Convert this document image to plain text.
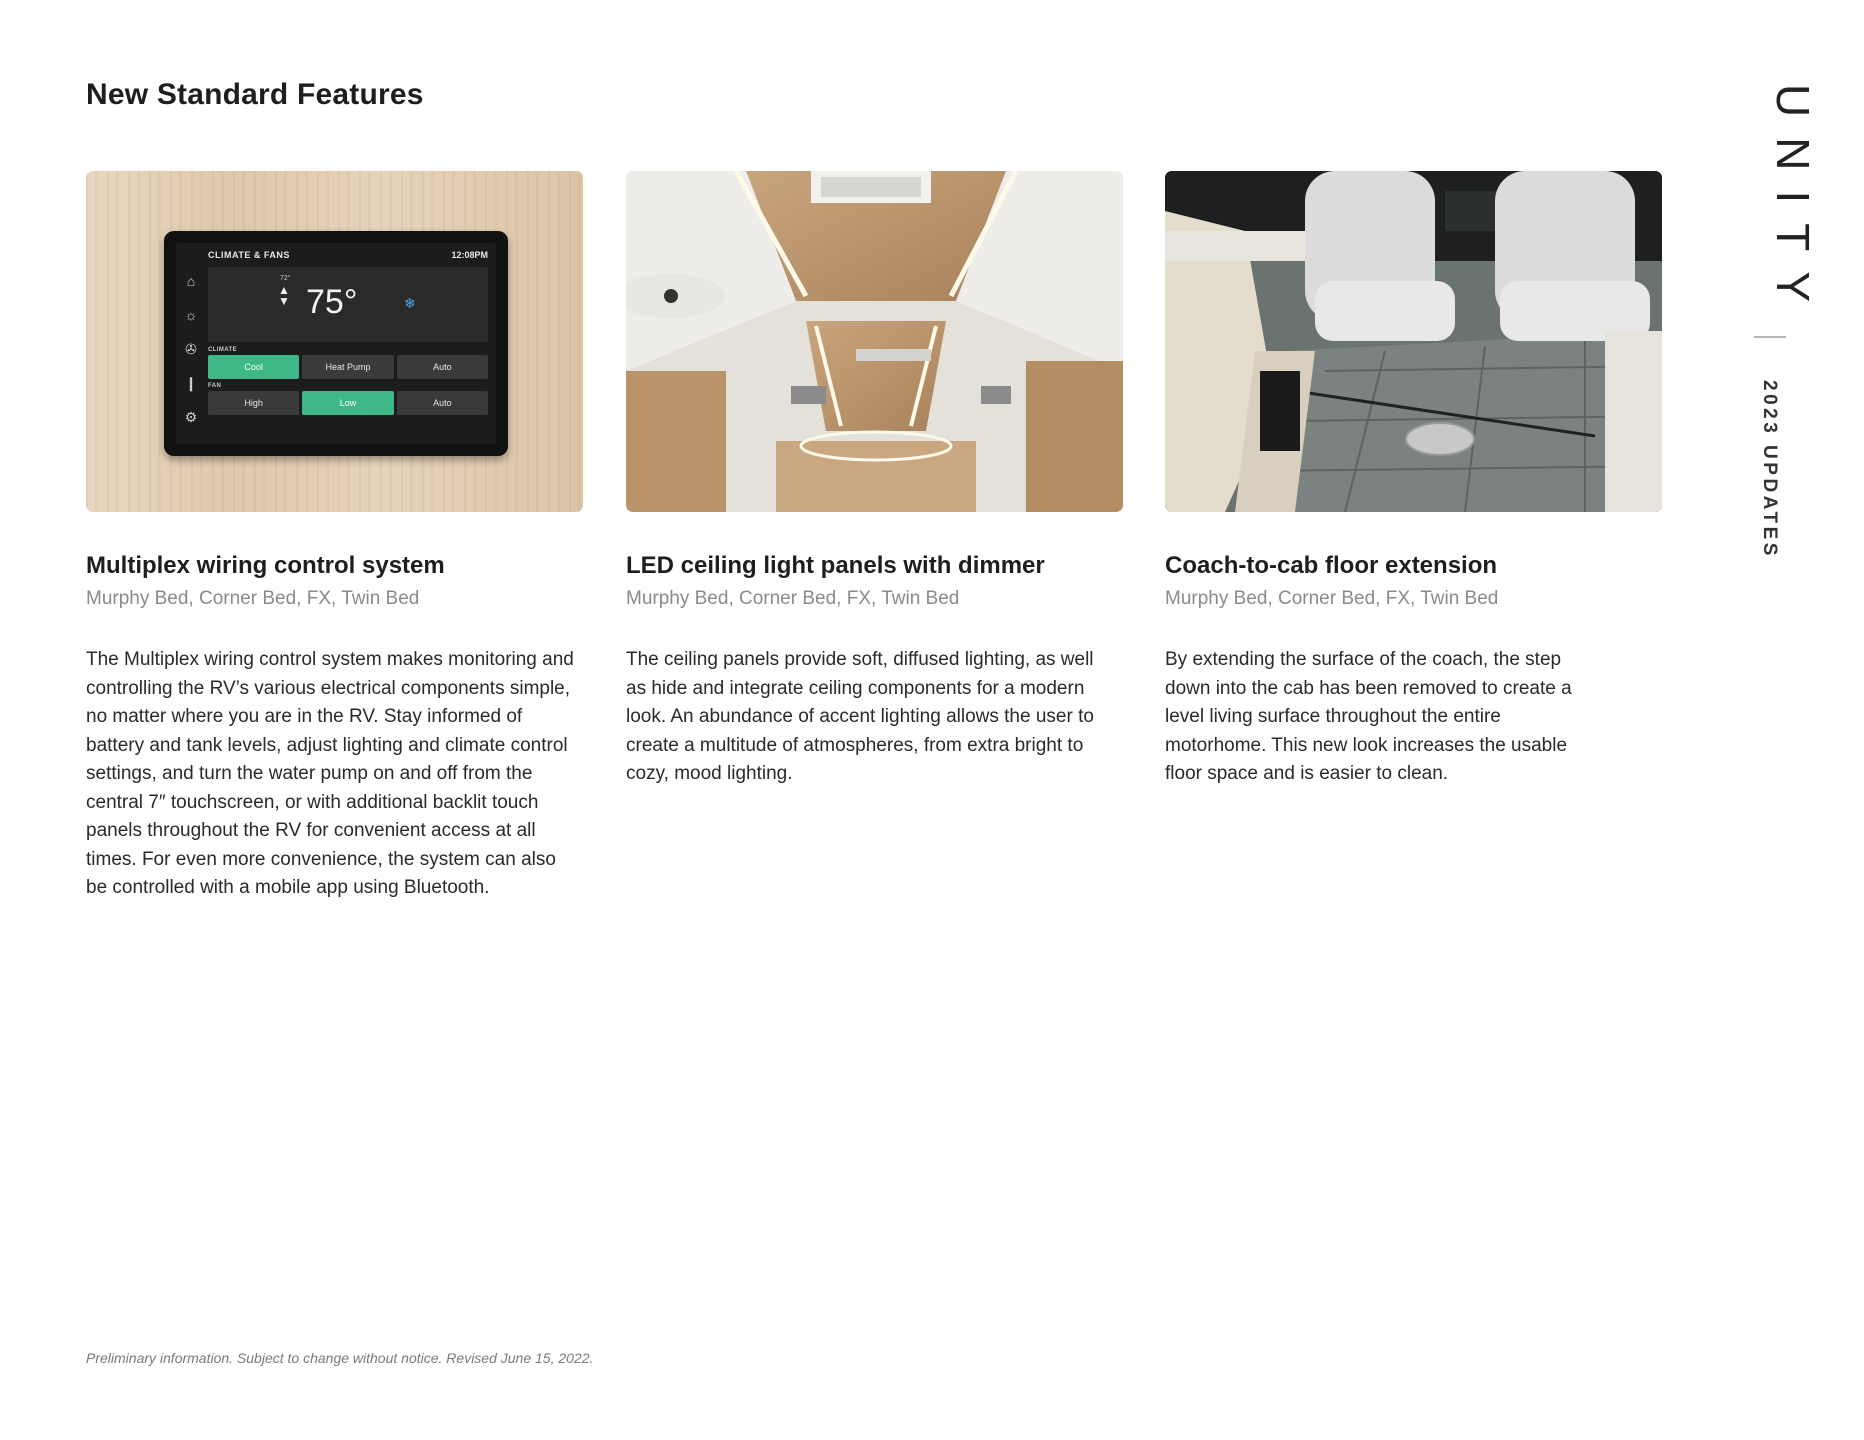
New Standard Features	UNITY
2023 UPDATES
CLIMATE & FANS	12:08PM
⌂
☼
✇
❙
⚙
72°
▲
▼ 75°	❄
CLIMATE
Cool	Heat Pump	Auto
FAN
High	Low	Auto
Multiplex wiring control system

Murphy Bed, Corner Bed, FX, Twin Bed

The Multiplex wiring control system makes monitoring and controlling the RV’s various electrical components simple, no matter where you are in the RV. Stay informed of battery and tank levels, adjust lighting and climate control settings, and turn the water pump on and off from the central 7″ touchscreen, or with additional backlit touch panels throughout the RV for convenient access at all times. For even more convenience, the system can also be controlled with a mobile app using Bluetooth.

LED ceiling light panels with dimmer

Murphy Bed, Corner Bed, FX, Twin Bed

The ceiling panels provide soft, diffused lighting, as well as hide and integrate ceiling components for a modern look. An abundance of accent lighting allows the user to create a multitude of atmospheres, from extra bright to cozy, mood lighting.

Coach-to-cab floor extension

Murphy Bed, Corner Bed, FX, Twin Bed

By extending the surface of the coach, the step down into the cab has been removed to create a level living surface throughout the entire motorhome. This new look increases the usable floor space and is easier to clean.

Preliminary information. Subject to change without notice. Revised June 15, 2022.
